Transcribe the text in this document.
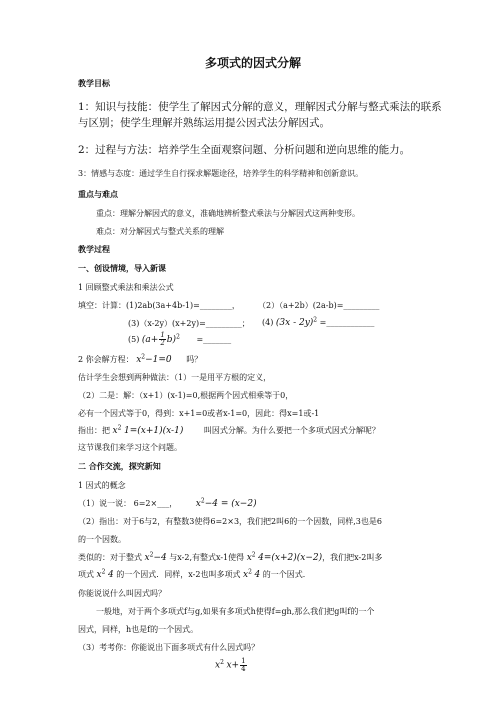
多项式的因式分解
教学目标
1：知识与技能：使学生了解因式分解的意义，理解因式分解与整式乘法的联系
与区别；使学生理解并熟练运用提公因式法分解因式。
2：过程与方法：培养学生全面观察问题、分析问题和逆向思维的能力。
3：情感与态度：通过学生自行探求解题途径，培养学生的科学精神和创新意识。
重点与难点
重点：理解分解因式的意义，准确地辨析整式乘法与分解因式这两种变形。
难点：对分解因式与整式关系的理解
教学过程
一、创设情境，导入新课
1 回顾整式乘法和乘法公式
填空：计算：(1)2ab(3a+4b-1)=________， （2）（a+2b）(2a-b)=_________
(3)（x-2y）(x+2y)=_________； (4) (3x - 2y)$^2$ =____________
(5) $(a+ \frac{1}{2} b)^2$ =_______
2 你会解方程： $x^2-1=0$ 吗？
估计学生会想到两种做法：（1）一是用平方根的定义，
（2）二是：解：（x+1）(x-1)=0,根据两个因式相乘等于0，
必有一个因式等于0，得到：x+1=0或者x-1=0，因此：得x=1或-1
指出：把 $x^2$ 1=(x+1)(x-1)	叫因式分解。为什么要把一个多项式因式分解呢？
这节课我们来学习这个问题。
二 合作交流，探究新知
1 因式的概念
（1）说一说： 6=2×___， $x^2-4 = (x-2)$
（2）指出：对于6与2，有整数3使得6=2×3，我们把2叫6的一个因数，同样,3也是6
的一个因数。
类似的：对于整式 $x^2-4$ 与x-2,有整式x-1使得 $x^2$ 4=(x+2)(x−2)，我们把x-2叫多
项式 $x^2$ 4 的一个因式．同样，x-2也叫多项式 $x^2$ 4 的一个因式．
你能说说什么叫因式吗？
一般地，对于两个多项式f与g,如果有多项式h使得f=gh,那么我们把g叫f的一个
因式，同样，h也是f的一个因式。
（3）考考你：你能说出下面多项式有什么因式吗？
$x^2$ $x+ \frac{1}{4}$
